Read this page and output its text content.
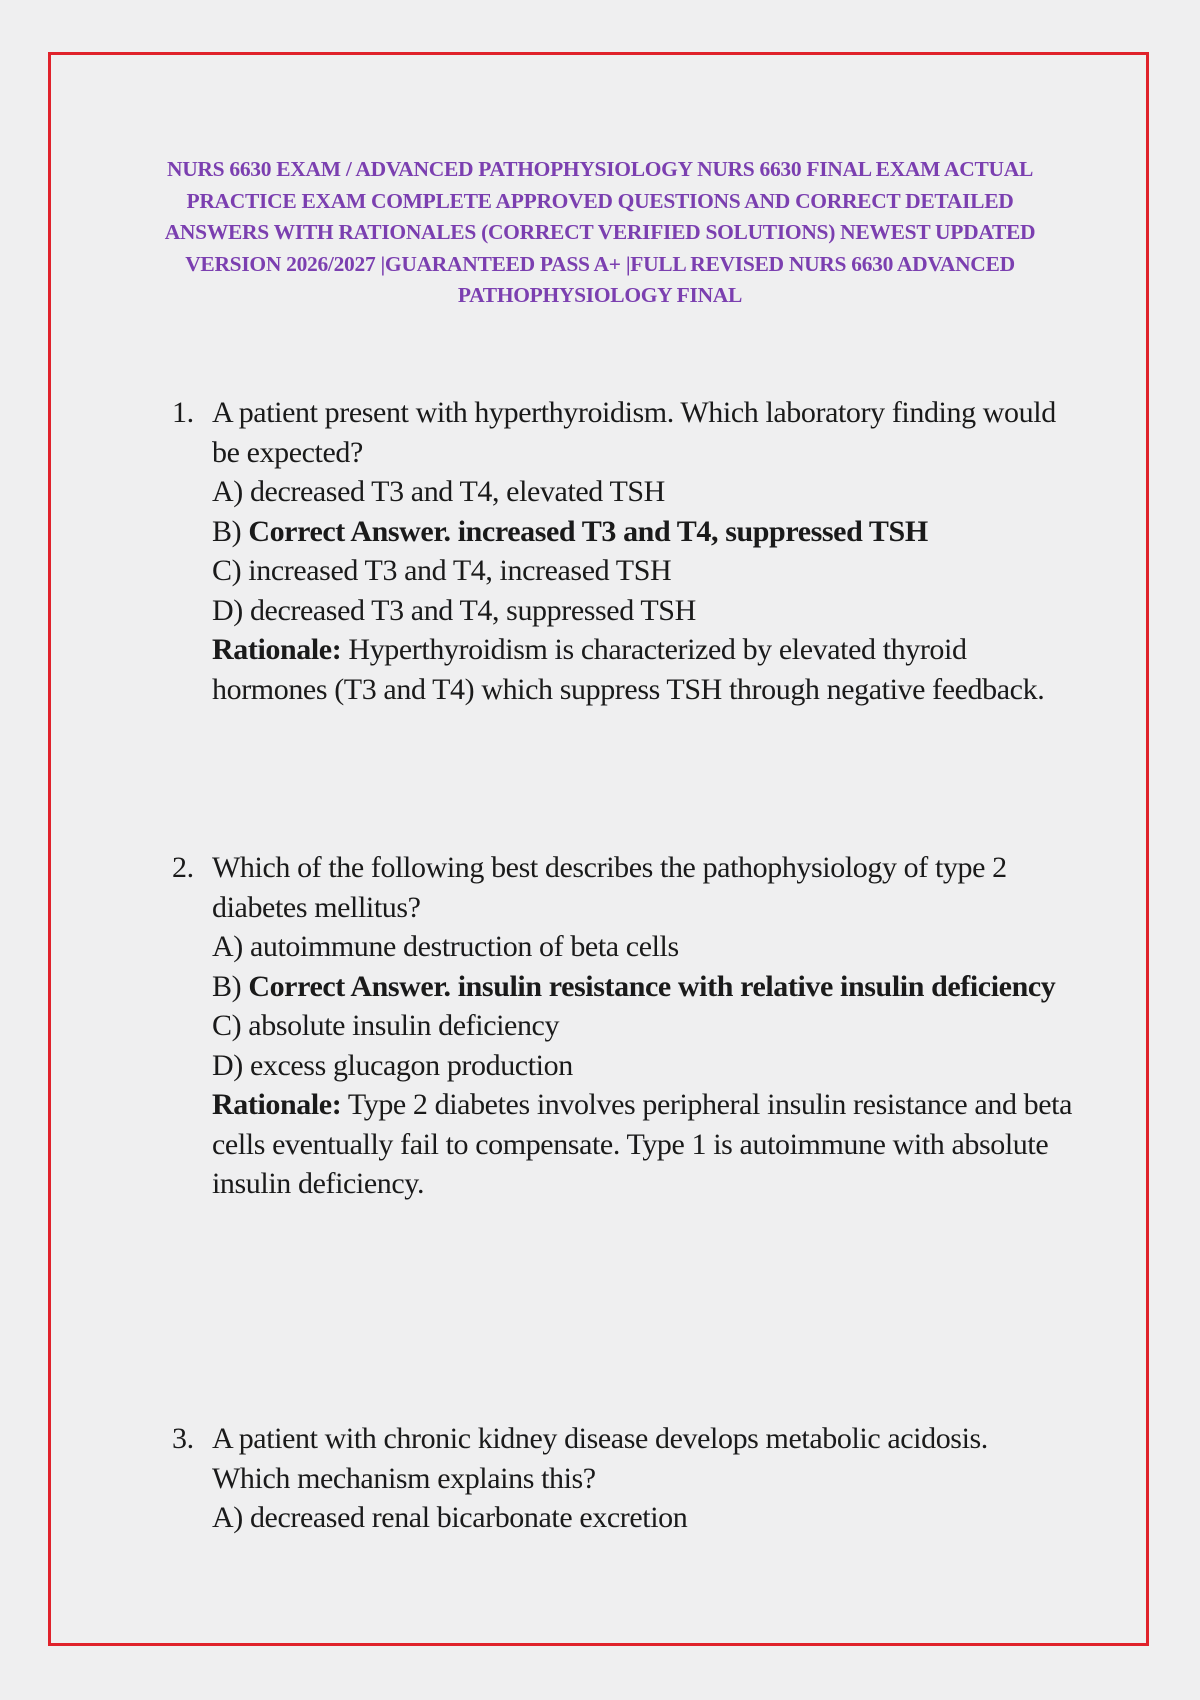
NURS 6630 EXAM / ADVANCED PATHOPHYSIOLOGY NURS 6630 FINAL EXAM ACTUAL PRACTICE EXAM COMPLETE APPROVED QUESTIONS AND CORRECT DETAILED ANSWERS WITH RATIONALES (CORRECT VERIFIED SOLUTIONS) NEWEST UPDATED VERSION 2026/2027 |GUARANTEED PASS A+ |FULL REVISED NURS 6630 ADVANCED PATHOPHYSIOLOGY FINAL
1. A patient present with hyperthyroidism. Which laboratory finding would be expected?
A) decreased T3 and T4, elevated TSH
B) Correct Answer. increased T3 and T4, suppressed TSH
C) increased T3 and T4, increased TSH
D) decreased T3 and T4, suppressed TSH
Rationale: Hyperthyroidism is characterized by elevated thyroid hormones (T3 and T4) which suppress TSH through negative feedback.
2. Which of the following best describes the pathophysiology of type 2 diabetes mellitus?
A) autoimmune destruction of beta cells
B) Correct Answer. insulin resistance with relative insulin deficiency
C) absolute insulin deficiency
D) excess glucagon production
Rationale: Type 2 diabetes involves peripheral insulin resistance and beta cells eventually fail to compensate. Type 1 is autoimmune with absolute insulin deficiency.
3. A patient with chronic kidney disease develops metabolic acidosis. Which mechanism explains this?
A) decreased renal bicarbonate excretion
